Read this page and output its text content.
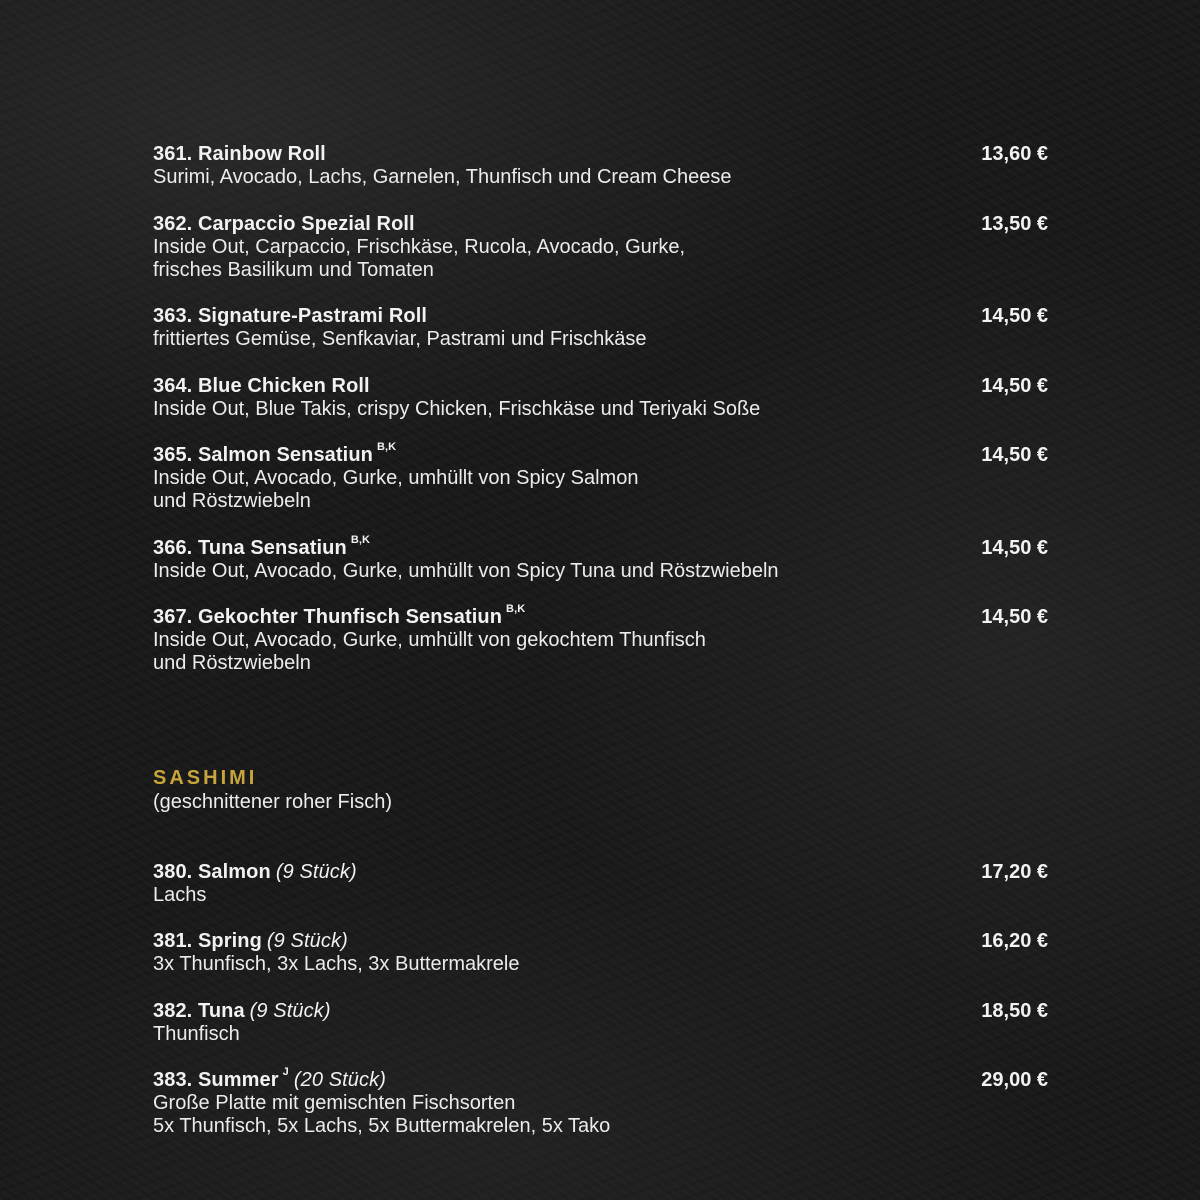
361. Rainbow Roll	13,60 €
Surimi, Avocado, Lachs, Garnelen, Thunfisch und Cream Cheese
362. Carpaccio Spezial Roll	13,50 €
Inside Out, Carpaccio, Frischkäse, Rucola, Avocado, Gurke,
frisches Basilikum und Tomaten
363. Signature-Pastrami Roll	14,50 €
frittiertes Gemüse, Senfkaviar, Pastrami und Frischkäse
364. Blue Chicken Roll	14,50 €
Inside Out, Blue Takis, crispy Chicken, Frischkäse und Teriyaki Soße
365. Salmon Sensatiun $^{B,K}$	14,50 €
Inside Out, Avocado, Gurke, umhüllt von Spicy Salmon
und Röstzwiebeln
366. Tuna Sensatiun $^{B,K}$	14,50 €
Inside Out, Avocado, Gurke, umhüllt von Spicy Tuna und Röstzwiebeln
367. Gekochter Thunfisch Sensatiun $^{B,K}$	14,50 €
Inside Out, Avocado, Gurke, umhüllt von gekochtem Thunfisch
und Röstzwiebeln
SASHIMI
(geschnittener roher Fisch)
380. Salmon (9 Stück)	17,20 €
Lachs
381. Spring (9 Stück)	16,20 €
3x Thunfisch, 3x Lachs, 3x Buttermakrele
382. Tuna (9 Stück)	18,50 €
Thunfisch
383. Summer $^J$ (20 Stück)	29,00 €
Große Platte mit gemischten Fischsorten
5x Thunfisch, 5x Lachs, 5x Buttermakrelen, 5x Tako
